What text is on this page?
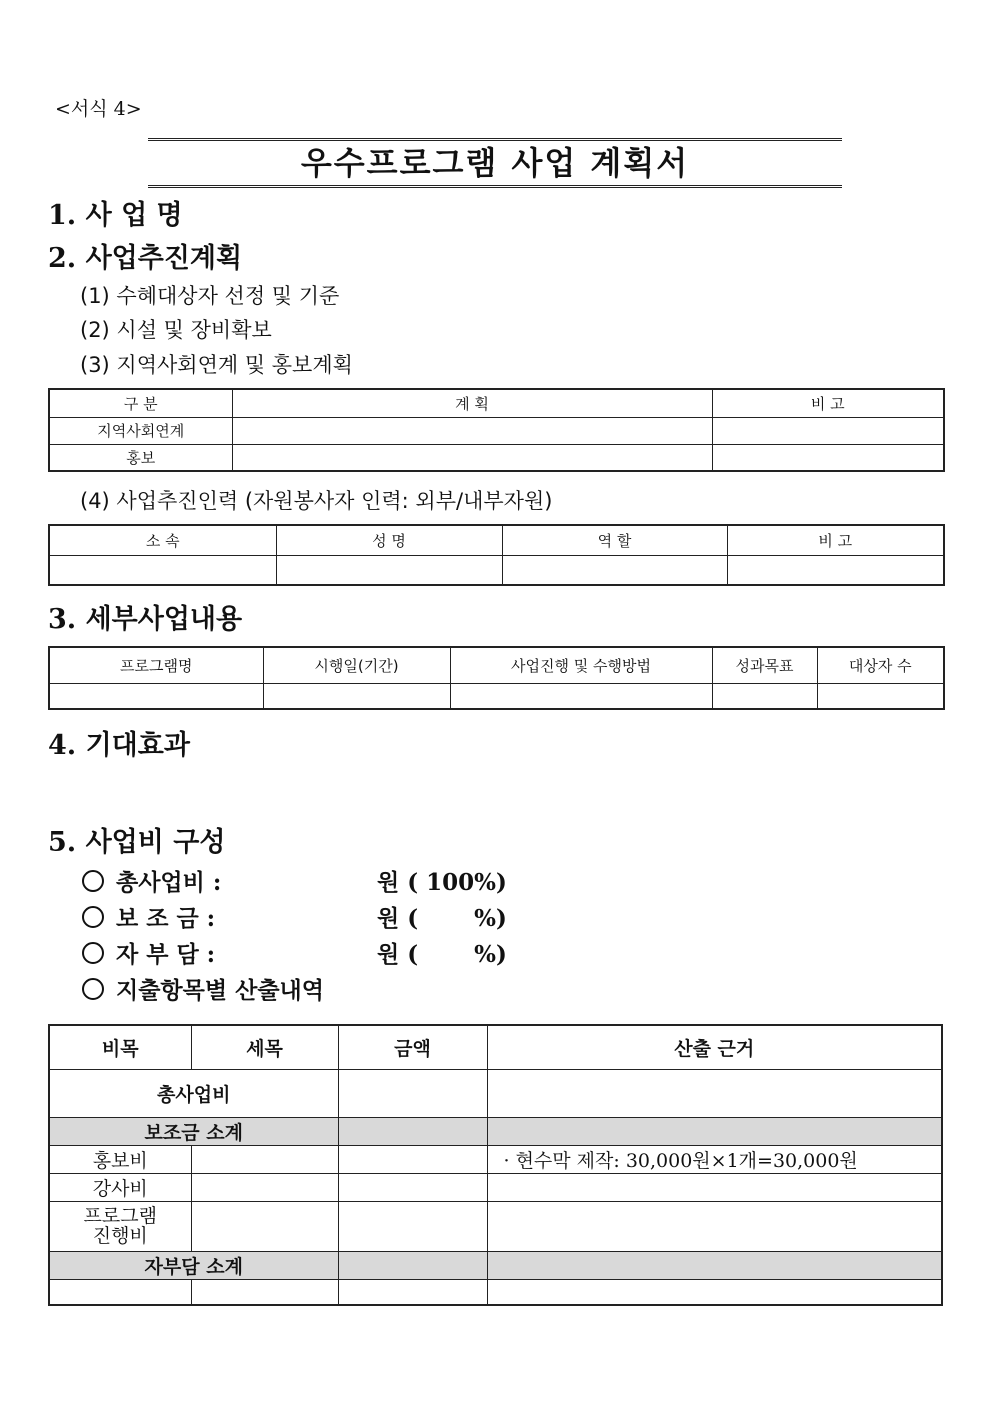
<서식 4>
우수프로그램 사업 계획서
1. 사 업 명
2. 사업추진계획
(1) 수혜대상자 선정 및 기준
(2) 시설 및 장비확보
(3) 지역사회연계 및 홍보계획
구 분	계 획	비 고
지역사회연계		
홍보		
(4) 사업추진인력 (자원봉사자 인력: 외부/내부자원)
소 속	성 명	역 할	비 고

3. 세부사업내용
프로그램명	시행일(기간)	사업진행 및 수행방법	성과목표	대상자 수

4. 기대효과
5. 사업비 구성
총사업비 :	원 ( 100%)
보 조 금 :	원 (       %)
자 부 담 :	원 (       %)
지출항목별 산출내역
비목	세목	금액	산출 근거
총사업비			
보조금 소계			
홍보비			· 현수막 제작: 30,000원×1개=30,000원
강사비			
프로그램
진행비			
자부담 소계			
